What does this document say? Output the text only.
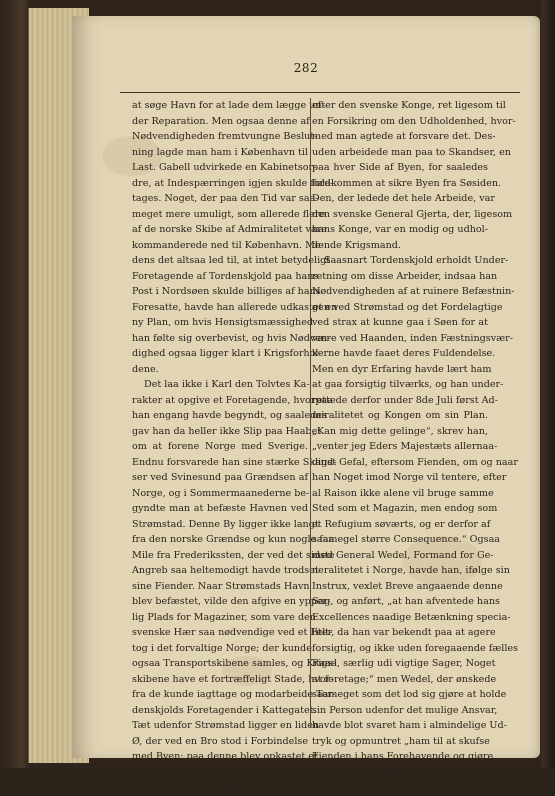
282
at søge Havn for at lade dem lægge un-
der Reparation. Men ogsaa denne af
Nødvendigheden fremtvungne Beslut-
ning lagde man ham i København til
Last. Gabell udvirkede en Kabinetsor-
dre, at Indespærringen igjen skulde fore-
tages. Noget, der paa den Tid var saa-
meget mere umuligt, som allerede flere
af de norske Skibe af Admiralitetet vare
kommanderede ned til København. Me-
dens det altsaa led til, at intet betydeligt
Foretagende af Tordenskjold paa hans
Post i Nordsøen skulde billiges af hans
Foresatte, havde han allerede udkastet en
ny Plan, om hvis Hensigtsmæssighed
han følte sig overbevist, og hvis Nødven-
dighed ogsaa ligger klart i Krigsforhol-
dene.
Det laa ikke i Karl den Tolvtes Ka-
rakter at opgive et Foretagende, hvorpaa
han engang havde begyndt, og saaledes
gav han da heller ikke Slip paa Haabet
om at forene Norge med Sverige.
Endnu forsvarede han sine stærke Skand-
ser ved Svinesund paa Grændsen af
Norge, og i Sommermaanederne be-
gyndte man at befæste Havnen ved
Strømstad. Denne By ligger ikke langt
fra den norske Grændse og kun nogle faa
Mile fra Frederikssten, der ved det sidste
Angreb saa heltemodigt havde trodset
sine Fiender. Naar Strømstads Havn
blev befæstet, vilde den afgive en ypper-
lig Plads for Magaziner, som vare den
svenske Hær saa nødvendige ved et Felt-
tog i det forvaltige Norge; der kunde
ogsaa Transportskibene samles, og Krigs-
skibene have et fortræffeligt Stade, hvor-
fra de kunde iagttage og modarbeide Tor-
denskjolds Foretagender i Kattegatet.
Tæt udenfor Strømstad ligger en liden
Ø, der ved en Bro stod i Forbindelse
med Byen; paa denne blev opkastet et
sværi Batteri paa fjorten attenpundige
Kanoner og dette fik Navnet „Carolus“
efter den svenske Konge, ret ligesom til
en Forsikring om den Udholdenhed, hvor-
med man agtede at forsvare det. Des-
uden arbeidede man paa to Skandser, en
paa hver Side af Byen, for saaledes
fuldkommen at sikre Byen fra Søsiden.
Den, der ledede det hele Arbeide, var
den svenske General Gjerta, der, ligesom
hans Konge, var en modig og udhol-
dende Krigsmand.
Saasnart Tordenskjold erholdt Under-
retning om disse Arbeider, indsaa han
Nødvendigheden af at ruinere Befæstnin-
gen ved Strømstad og det Fordelagtige
ved strax at kunne gaa i Søen for at
være ved Haanden, inden Fæstningsvær-
kerne havde faaet deres Fuldendelse.
Men en dyr Erfaring havde lært ham
at gaa forsigtig tilværks, og han under-
rettede derfor under 8de Juli først Ad-
miralitetet og Kongen om sin Plan.
„Kan mig dette gelinge“, skrev han,
„venter jeg Eders Majestæts allernaa-
digst Gefal, eftersom Fienden, om og naar
han Noget imod Norge vil tentere, efter
al Raison ikke alene vil bruge samme
Sted som et Magazin, men endog som
et Refugium søværts, og er derfor af
saamegel større Consequence.“ Ogsaa
med General Wedel, Formand for Ge-
neralitetet i Norge, havde han, ifølge sin
Instrux, vexlet Breve angaaende denne
Sag, og anført, „at han afventede hans
Excellences naadige Betænkning specia-
liter, da han var bekendt paa at agere
forsigtig, og ikke uden foregaaende fælles
Raad, særlig udi vigtige Sager, Noget
at foretage;“ men Wedel, der ønskede
saameget som det lod sig gjøre at holde
sin Person udenfor det mulige Ansvar,
havde blot svaret ham i almindelige Ud-
tryk og opmuntret „ham til at skufse
Fienden i hans Forehavende og gjøre
ham alt muligt Afbræk.“
Men Generalitetet sørgede ikke for
